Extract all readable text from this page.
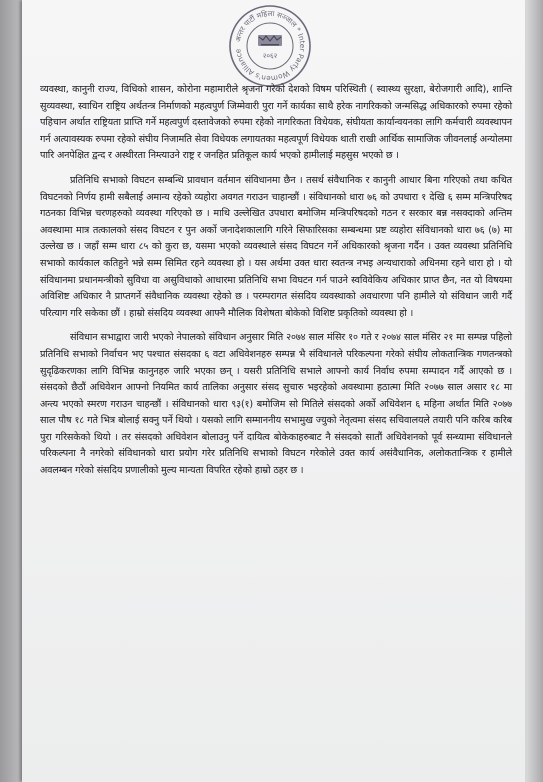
अन्तर पार्टी महिला सञ्जाल * Inter Party Women's Alliance
२०६२

व्यवस्था, कानुनी राज्य, विधिको शासन, कोरोना महामारीले श्रृजना गरेको देशको विषम परिस्थिती ( स्वास्थ्य सुरक्षा, बेरोजगारी आदि), शान्ति सुव्यवस्था, स्वाधिन राष्ट्रिय अर्थतन्त्र निर्माणको महत्वपुर्ण जिम्मेवारी पुरा गर्ने कार्यका साथै हरेक नागरिकको जन्मसिद्ध अधिकारको रुपमा रहेको पहिचान अर्थात राष्ट्रियता प्राप्ति गर्ने महत्वपुर्ण दस्तावेजको रुपमा रहेको नागरिकता विधेयक, संघीयता कार्यान्वयनका लागि कर्मचारी व्यवस्थापन गर्न अत्यावस्यक रुपमा रहेको संघीय निजामति सेवा विधेयक लगायतका महत्वपूर्ण विधेयक थाती राखी आर्थिक सामाजिक जीवनलाई अन्योलमा पारि अनपेक्षित द्वन्द र अस्थीरता निम्त्याउने राष्ट्र र जनहित प्रतिकूल कार्य भएको हामीलाई महसुस भएको छ ।

प्रतिनिधि सभाको विघटन सम्बन्धि प्रावधान वर्तमान संविधानमा छैन । तसर्थ संवैधानिक र कानुनी आधार बिना गरिएको तथा कथित विघटनको निर्णय हामी सबैलाई अमान्य रहेको व्यहोरा अवगत गराउन चाहान्छौं । संविधानको धारा ७६ को उपधारा १ देखि ६ सम्म मन्त्रिपरिषद गठनका विभिन्न चरणहरुको व्यवस्था गरिएको छ । माथि उल्लेखित उपधारा बमोजिम मन्त्रिपरिषदको गठन र सरकार बन्न नसक्दाको अन्तिम अवस्थामा मात्र तत्कालको संसद विघटन र पुन अर्को जनादेशकालागि गरिने सिफारिसका सम्बन्धमा प्रष्ट व्यहोरा संविधानको धारा ७६ (७) मा उल्लेख छ । जहाँ सम्म धारा ८५ को कुरा छ, यसमा भएको व्यवस्थाले संसद विघटन गर्ने अधिकारको श्रृजना गर्दैन । उक्त व्यवस्था प्रतिनिधि सभाको कार्यकाल कतिहुने भन्ने सम्म सिमित रहने व्यवस्था हो । यस अर्थमा उक्त धारा स्वतन्त्र नभइ अन्यधाराको अधिनमा रहने धारा हो । यो संविधानमा प्रधानमन्त्रीको सुविधा वा असुविधाको आधारमा प्रतिनिधि सभा विघटन गर्न पाउने स्वविवेकिय अधिकार प्राप्त छैन, नत यो विषयमा अविशिष्ट अधिकार नै प्राप्तगर्ने संवैधानिक व्यवस्था रहेको छ । परम्परागत संसदिय व्यवस्थाको अवधारणा पनि हामीले यो संविधान जारी गर्दै परित्याग गरि सकेका छौं । हाम्रो संसदिय व्यवस्था आफ्नै मौलिक विशेषता बोकेको विशिष्ट प्रकृतिको व्यवस्था हो ।

संविधान सभाद्वारा जारी भएको नेपालको संविधान अनुसार मिति २०७४ साल मंसिर १० गते र २०७४ साल मंसिर २१ मा सम्पन्न पहिलो प्रतिनिधि सभाको निर्वाचन भए पश्चात संसदका ६ वटा अधिवेशनहरु सम्पन्न भै संविधानले परिकल्पना गरेको संघीय लोकतान्त्रिक गणतन्त्रको सुदृढिकरणका लागि विभिन्न कानुनहरु जारि भएका छन् । यसरी प्रतिनिधि सभाले आफ्नो कार्य निर्वाध रुपमा सम्पादन गर्दै आएको छ । संसदको छैठौं अधिवेशन आफ्नो नियमित कार्य तालिका अनुसार संसद सुचारु भइरहेको अवस्थामा हठात्मा मिति २०७७ साल असार १८ मा अन्त्य भएको स्मरण गराउन चाहन्छौं । संविधानको धारा ९३(१) बमोजिम सो मितिले संसदको अर्को अधिवेशन ६ महिना अर्थात मिति २०७७ साल पौष १८ गते भित्र बोलाई सक्नु पर्ने थियो । यसको लागि सम्माननीय सभामुख ज्युको नेतृत्वमा संसद सचिवालयले तयारी पनि करिब करिब पुरा गरिसकेको थियो । तर संसदको अधिवेशन बोलाउनु पर्ने दायित्व बोकेकाहरुबाट नै संसदको सातौं अधिवेशनको पूर्व सन्ध्यामा संविधानले परिकल्पना नै नगरेको संविधानको धारा प्रयोग गरेर प्रतिनिधि सभाको विघटन गरेकोले उक्त कार्य असंवैधानिक, अलोकतान्त्रिक र हामीले अवलम्बन गरेको संसदिय प्रणालीको मुल्य मान्यता विपरित रहेको हाम्रो ठहर छ ।
